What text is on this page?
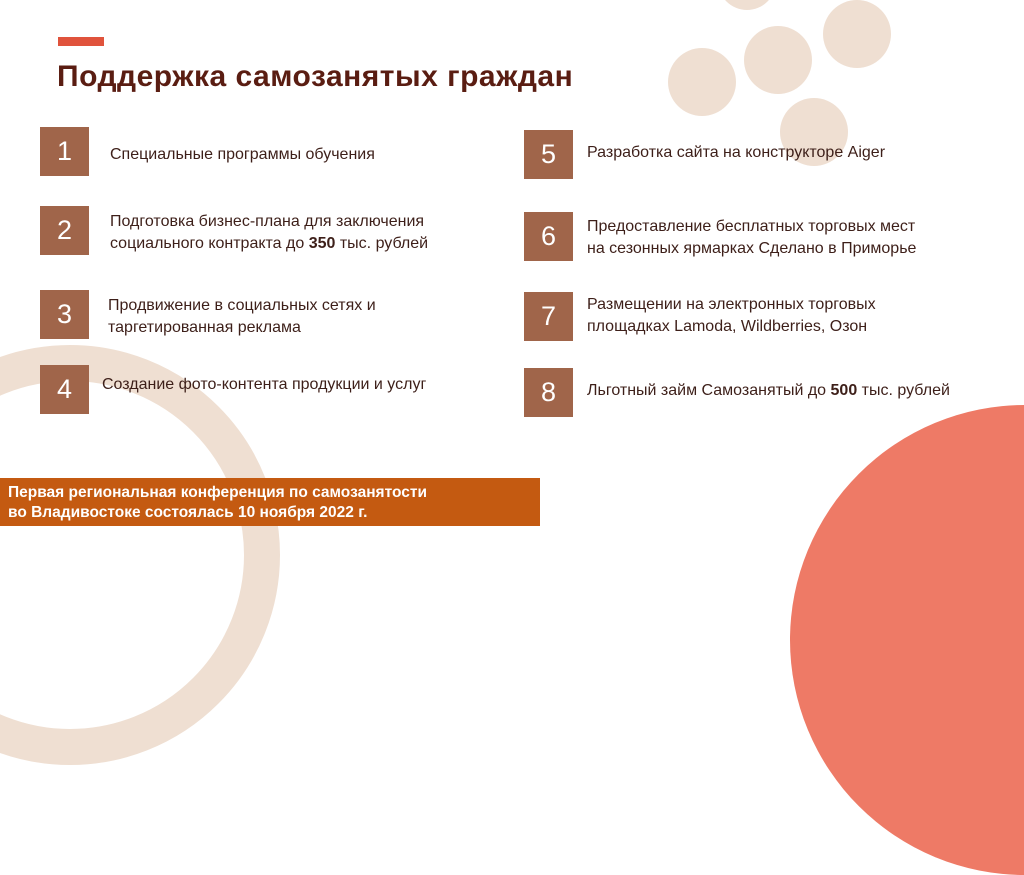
Поддержка самозанятых граждан
1	Специальные программы обучения
2	Подготовка бизнес-плана для заключения
социального контракта до 350 тыс. рублей
3	Продвижение в социальных сетях и
таргетированная реклама
4	Создание фото-контента продукции и услуг
5	Разработка сайта на конструкторе Aiger
6	Предоставление бесплатных торговых мест
на сезонных ярмарках Сделано в Приморье
7	Размещении на электронных торговых
площадках Lamoda, Wildberries, Озон
8	Льготный займ Самозанятый до 500 тыс. рублей
Первая региональная конференция по самозанятости
во Владивостоке состоялась 10 ноября 2022 г.
